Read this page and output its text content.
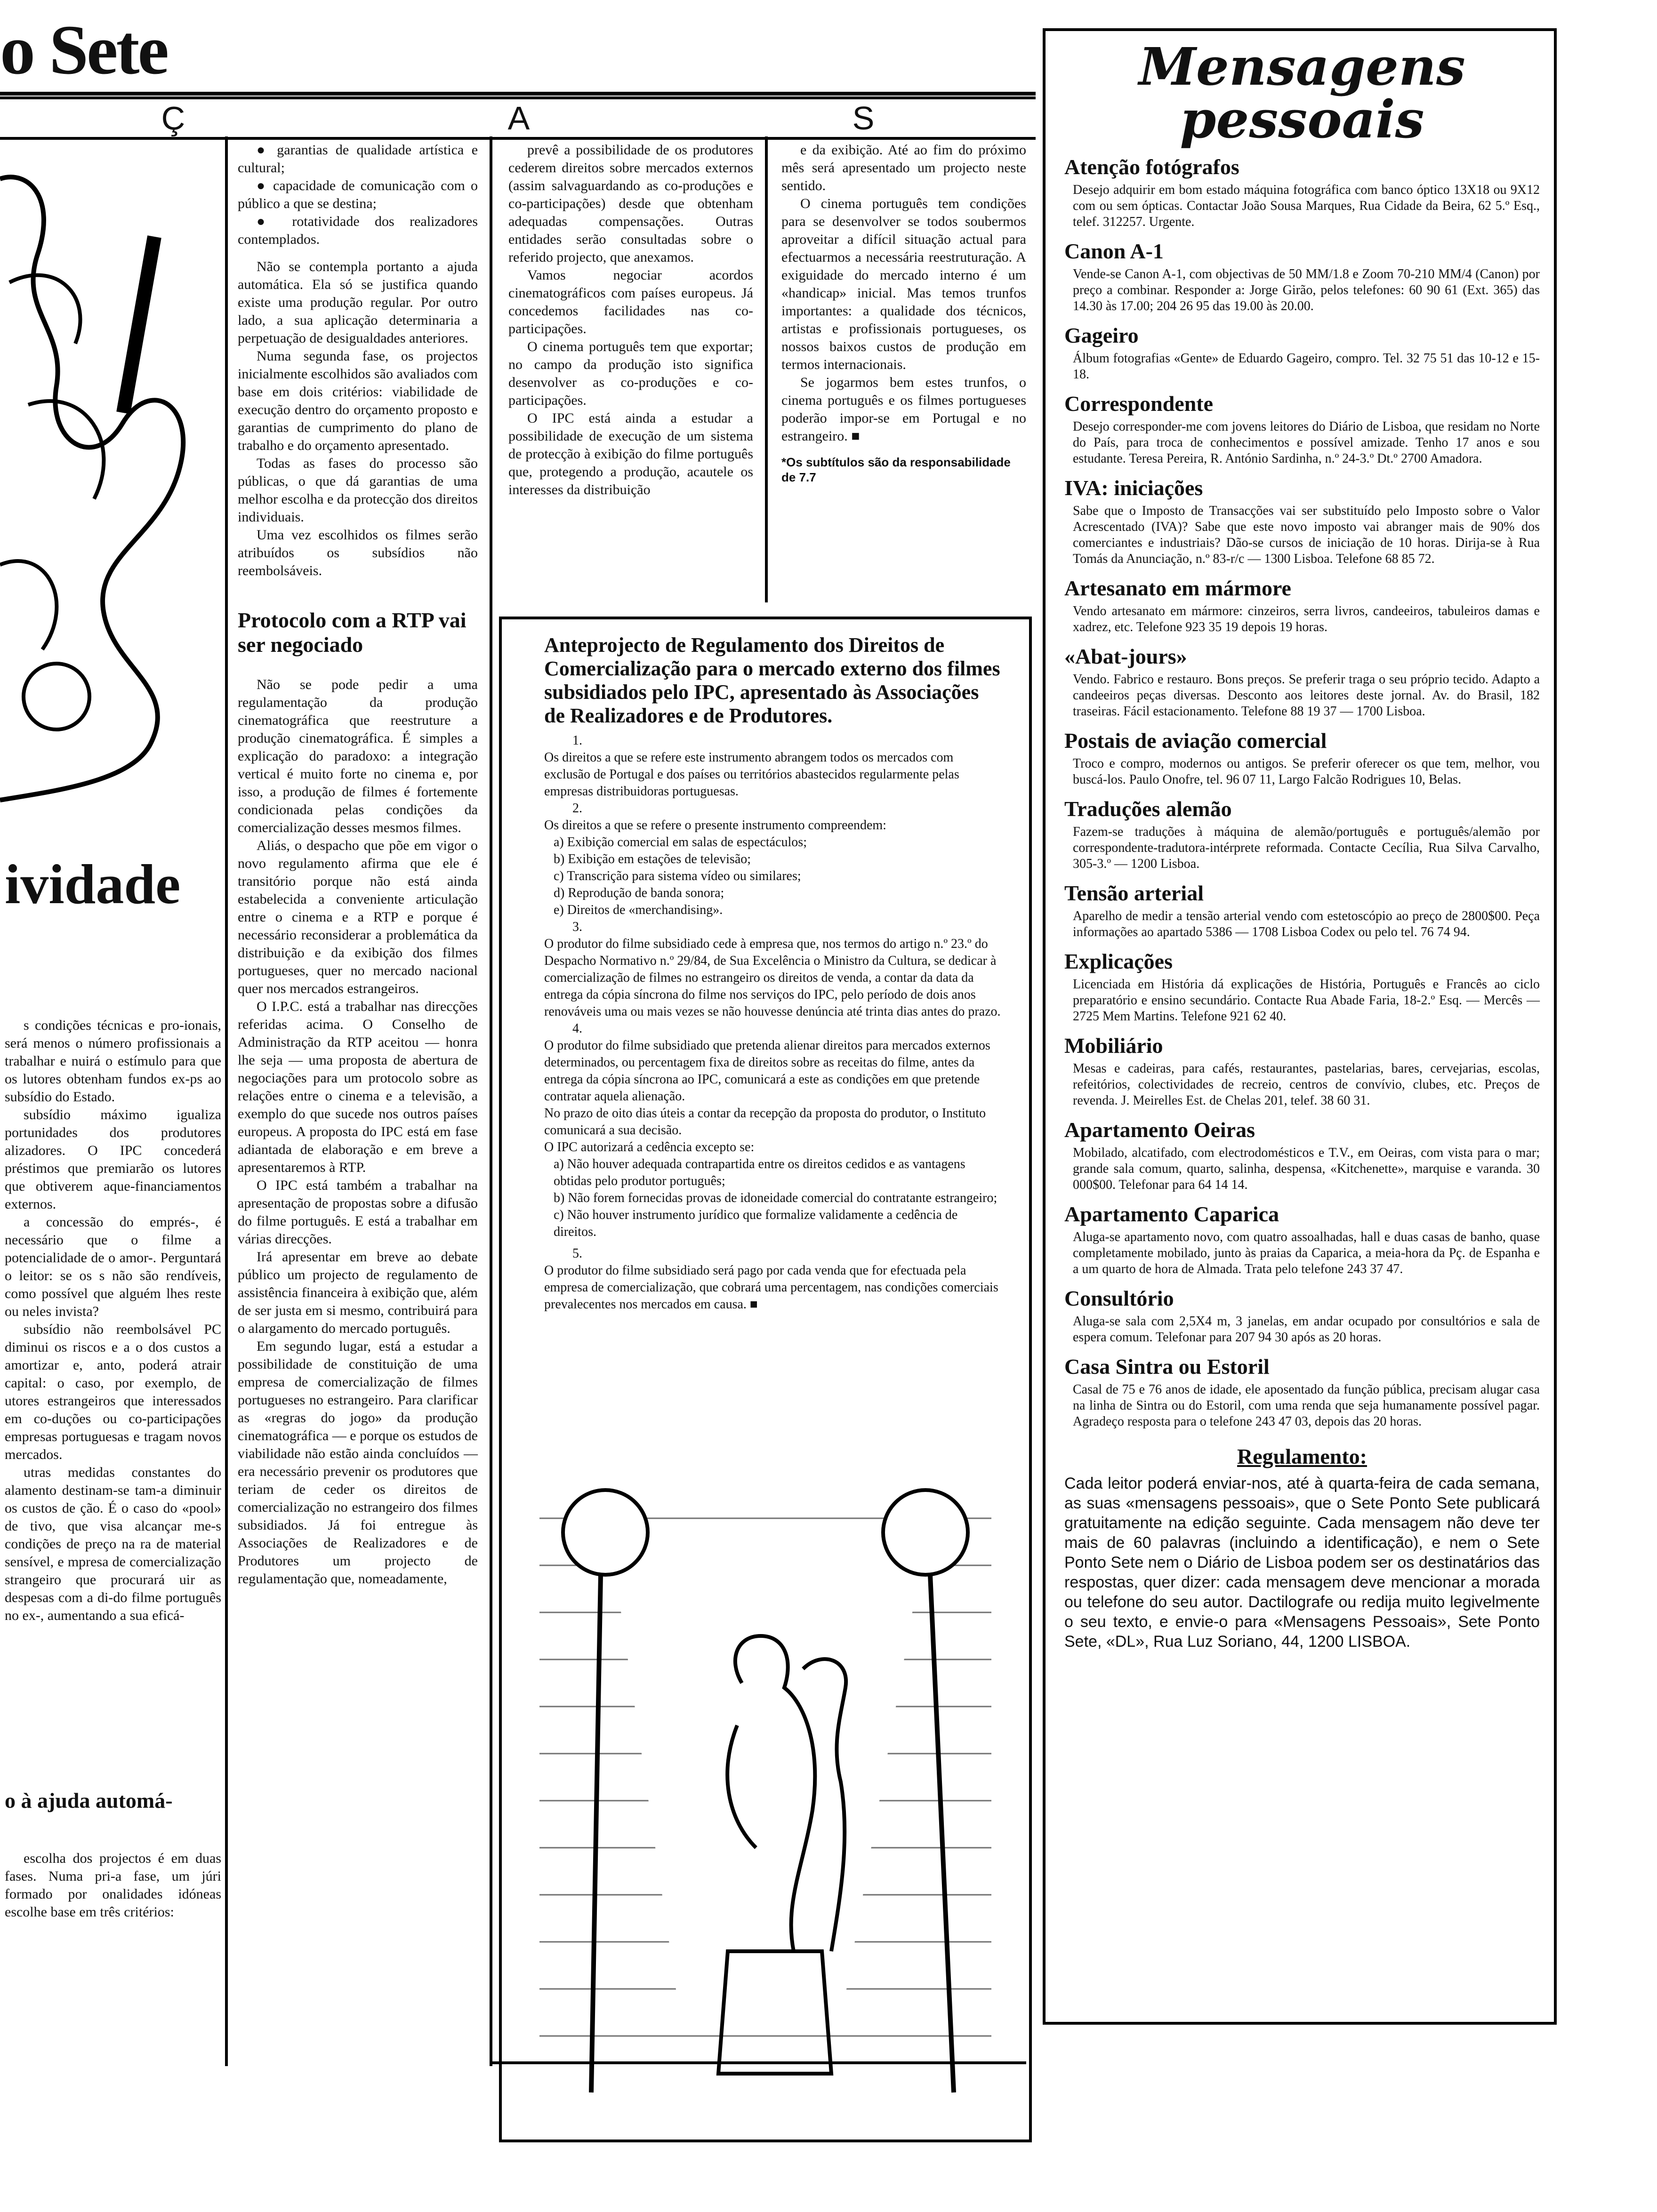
o Sete
Ç	A	S
ividade

s condições técnicas e pro-ionais, será menos o número profissionais a trabalhar e nuirá o estímulo para que os lutores obtenham fundos ex-ps ao subsídio do Estado.

subsídio máximo igualiza portunidades dos produtores alizadores. O IPC concederá préstimos que premiarão os lutores que obtiverem aque-financiamentos externos.

a concessão do emprés-, é necessário que o filme a potencialidade de o amor-. Perguntará o leitor: se os s não são rendíveis, como possível que alguém lhes reste ou neles invista?

subsídio não reembolsável PC diminui os riscos e a o dos custos a amortizar e, anto, poderá atrair capital: o caso, por exemplo, de utores estrangeiros que interessados em co-duções ou co-participações empresas portuguesas e tragam novos mercados.

utras medidas constantes do alamento destinam-se tam-a diminuir os custos de ção. É o caso do «pool» de tivo, que visa alcançar me-s condições de preço na ra de material sensível, e mpresa de comercialização strangeiro que procurará uir as despesas com a di-do filme português no ex-, aumentando a sua eficá-

o à ajuda automá-

escolha dos projectos é em duas fases. Numa pri-a fase, um júri formado por onalidades idóneas escolhe base em três critérios:

● garantias de qualidade artística e cultural;

● capacidade de comunicação com o público a que se destina;

● rotatividade dos realizadores contemplados.

Não se contempla portanto a ajuda automática. Ela só se justifica quando existe uma produção regular. Por outro lado, a sua aplicação determinaria a perpetuação de desigualdades anteriores.

Numa segunda fase, os projectos inicialmente escolhidos são avaliados com base em dois critérios: viabilidade de execução dentro do orçamento proposto e garantias de cumprimento do plano de trabalho e do orçamento apresentado.

Todas as fases do processo são públicas, o que dá garantias de uma melhor escolha e da protecção dos direitos individuais.

Uma vez escolhidos os filmes serão atribuídos os subsídios não reembolsáveis.

Protocolo com a RTP vai ser negociado

Não se pode pedir a uma regulamentação da produção cinematográfica que reestruture a produção cinematográfica. É simples a explicação do paradoxo: a integração vertical é muito forte no cinema e, por isso, a produção de filmes é fortemente condicionada pelas condições da comercialização desses mesmos filmes.

Aliás, o despacho que põe em vigor o novo regulamento afirma que ele é transitório porque não está ainda estabelecida a conveniente articulação entre o cinema e a RTP e porque é necessário reconsiderar a problemática da distribuição e da exibição dos filmes portugueses, quer no mercado nacional quer nos mercados estrangeiros.

O I.P.C. está a trabalhar nas direcções referidas acima. O Conselho de Administração da RTP aceitou — honra lhe seja — uma proposta de abertura de negociações para um protocolo sobre as relações entre o cinema e a televisão, a exemplo do que sucede nos outros países europeus. A proposta do IPC está em fase adiantada de elaboração e em breve a apresentaremos à RTP.

O IPC está também a trabalhar na apresentação de propostas sobre a difusão do filme português. E está a trabalhar em várias direcções.

Irá apresentar em breve ao debate público um projecto de regulamento de assistência financeira à exibição que, além de ser justa em si mesmo, contribuirá para o alargamento do mercado português.

Em segundo lugar, está a estudar a possibilidade de constituição de uma empresa de comercialização de filmes portugueses no estrangeiro. Para clarificar as «regras do jogo» da produção cinematográfica — e porque os estudos de viabilidade não estão ainda concluídos — era necessário prevenir os produtores que teriam de ceder os direitos de comercialização no estrangeiro dos filmes subsidiados. Já foi entregue às Associações de Realizadores e de Produtores um projecto de regulamentação que, nomeadamente,

prevê a possibilidade de os produtores cederem direitos sobre mercados externos (assim salvaguardando as co-produções e co-participações) desde que obtenham adequadas compensações. Outras entidades serão consultadas sobre o referido projecto, que anexamos.

Vamos negociar acordos cinematográficos com países europeus. Já concedemos facilidades nas co-participações.

O cinema português tem que exportar; no campo da produção isto significa desenvolver as co-produções e co-participações.

O IPC está ainda a estudar a possibilidade de execução de um sistema de protecção à exibição do filme português que, protegendo a produção, acautele os interesses da distribuição

e da exibição. Até ao fim do próximo mês será apresentado um projecto neste sentido.

O cinema português tem condições para se desenvolver se todos soubermos aproveitar a difícil situação actual para efectuarmos a necessária reestruturação. A exiguidade do mercado interno é um «handicap» inicial. Mas temos trunfos importantes: a qualidade dos técnicos, artistas e profissionais portugueses, os nossos baixos custos de produção em termos internacionais.

Se jogarmos bem estes trunfos, o cinema português e os filmes portugueses poderão impor-se em Portugal e no estrangeiro. ■

*Os subtítulos são da responsabilidade de 7.7
Anteprojecto de Regulamento dos Direitos de Comercialização para o mercado externo dos filmes subsidiados pelo IPC, apresentado às Associações de Realizadores e de Produtores.
1.
Os direitos a que se refere este instrumento abrangem todos os mercados com exclusão de Portugal e dos países ou territórios abastecidos regularmente pelas empresas distribuidoras portuguesas.
2.
Os direitos a que se refere o presente instrumento compreendem:
a) Exibição comercial em salas de espectáculos;
b) Exibição em estações de televisão;
c) Transcrição para sistema vídeo ou similares;
d) Reprodução de banda sonora;
e) Direitos de «merchandising».
3.
O produtor do filme subsidiado cede à empresa que, nos termos do artigo n.º 23.º do Despacho Normativo n.º 29/84, de Sua Excelência o Ministro da Cultura, se dedicar à comercialização de filmes no estrangeiro os direitos de venda, a contar da data da entrega da cópia síncrona do filme nos serviços do IPC, pelo período de dois anos renováveis uma ou mais vezes se não houvesse denúncia até trinta dias antes do prazo.
4.
O produtor do filme subsidiado que pretenda alienar direitos para mercados externos determinados, ou percentagem fixa de direitos sobre as receitas do filme, antes da entrega da cópia síncrona ao IPC, comunicará a este as condições em que pretende contratar aquela alienação.
No prazo de oito dias úteis a contar da recepção da proposta do produtor, o Instituto comunicará a sua decisão.
O IPC autorizará a cedência excepto se:
a) Não houver adequada contrapartida entre os direitos cedidos e as vantagens obtidas pelo produtor português;
b) Não forem fornecidas provas de idoneidade comercial do contratante estrangeiro;
c) Não houver instrumento jurídico que formalize validamente a cedência de direitos.
5.
O produtor do filme subsidiado será pago por cada venda que for efectuada pela empresa de comercialização, que cobrará uma percentagem, nas condições comerciais prevalecentes nos mercados em causa. ■
Mensagens
pessoais
Atenção fotógrafos

Desejo adquirir em bom estado máquina fotográfica com banco óptico 13X18 ou 9X12 com ou sem ópticas. Contactar João Sousa Marques, Rua Cidade da Beira, 62 5.º Esq., telef. 312257. Urgente.

Canon A-1

Vende-se Canon A-1, com objectivas de 50 MM/1.8 e Zoom 70-210 MM/4 (Canon) por preço a combinar. Responder a: Jorge Girão, pelos telefones: 60 90 61 (Ext. 365) das 14.30 às 17.00; 204 26 95 das 19.00 às 20.00.

Gageiro

Álbum fotografias «Gente» de Eduardo Gageiro, compro. Tel. 32 75 51 das 10-12 e 15-18.

Correspondente

Desejo corresponder-me com jovens leitores do Diário de Lisboa, que residam no Norte do País, para troca de conhecimentos e possível amizade. Tenho 17 anos e sou estudante. Teresa Pereira, R. António Sardinha, n.º 24-3.º Dt.º 2700 Amadora.

IVA: iniciações

Sabe que o Imposto de Transacções vai ser substituído pelo Imposto sobre o Valor Acrescentado (IVA)? Sabe que este novo imposto vai abranger mais de 90% dos comerciantes e industriais? Dão-se cursos de iniciação de 10 horas. Dirija-se à Rua Tomás da Anunciação, n.º 83-r/c — 1300 Lisboa. Telefone 68 85 72.

Artesanato em mármore

Vendo artesanato em mármore: cinzeiros, serra livros, candeeiros, tabuleiros damas e xadrez, etc. Telefone 923 35 19 depois 19 horas.

«Abat-jours»

Vendo. Fabrico e restauro. Bons preços. Se preferir traga o seu próprio tecido. Adapto a candeeiros peças diversas. Desconto aos leitores deste jornal. Av. do Brasil, 182 traseiras. Fácil estacionamento. Telefone 88 19 37 — 1700 Lisboa.

Postais de aviação comercial

Troco e compro, modernos ou antigos. Se preferir oferecer os que tem, melhor, vou buscá-los. Paulo Onofre, tel. 96 07 11, Largo Falcão Rodrigues 10, Belas.

Traduções alemão

Fazem-se traduções à máquina de alemão/português e português/alemão por correspondente-tradutora-intérprete reformada. Contacte Cecília, Rua Silva Carvalho, 305-3.º — 1200 Lisboa.

Tensão arterial

Aparelho de medir a tensão arterial vendo com estetoscópio ao preço de 2800$00. Peça informações ao apartado 5386 — 1708 Lisboa Codex ou pelo tel. 76 74 94.

Explicações

Licenciada em História dá explicações de História, Português e Francês ao ciclo preparatório e ensino secundário. Contacte Rua Abade Faria, 18-2.º Esq. — Mercês — 2725 Mem Martins. Telefone 921 62 40.

Mobiliário

Mesas e cadeiras, para cafés, restaurantes, pastelarias, bares, cervejarias, escolas, refeitórios, colectividades de recreio, centros de convívio, clubes, etc. Preços de revenda. J. Meirelles Est. de Chelas 201, telef. 38 60 31.

Apartamento Oeiras

Mobilado, alcatifado, com electrodomésticos e T.V., em Oeiras, com vista para o mar; grande sala comum, quarto, salinha, despensa, «Kitchenette», marquise e varanda. 30 000$00. Telefonar para 64 14 14.

Apartamento Caparica

Aluga-se apartamento novo, com quatro assoalhadas, hall e duas casas de banho, quase completamente mobilado, junto às praias da Caparica, a meia-hora da Pç. de Espanha e a um quarto de hora de Almada. Trata pelo telefone 243 37 47.

Consultório

Aluga-se sala com 2,5X4 m, 3 janelas, em andar ocupado por consultórios e sala de espera comum. Telefonar para 207 94 30 após as 20 horas.

Casa Sintra ou Estoril

Casal de 75 e 76 anos de idade, ele aposentado da função pública, precisam alugar casa na linha de Sintra ou do Estoril, com uma renda que seja humanamente possível pagar. Agradeço resposta para o telefone 243 47 03, depois das 20 horas.

Regulamento:

Cada leitor poderá enviar-nos, até à quarta-feira de cada semana, as suas «mensagens pessoais», que o Sete Ponto Sete publicará gratuitamente na edição seguinte. Cada mensagem não deve ter mais de 60 palavras (incluindo a identificação), e nem o Sete Ponto Sete nem o Diário de Lisboa podem ser os destinatários das respostas, quer dizer: cada mensagem deve mencionar a morada ou telefone do seu autor. Dactilografe ou redija muito legivelmente o seu texto, e envie-o para «Mensagens Pessoais», Sete Ponto Sete, «DL», Rua Luz Soriano, 44, 1200 LISBOA.
